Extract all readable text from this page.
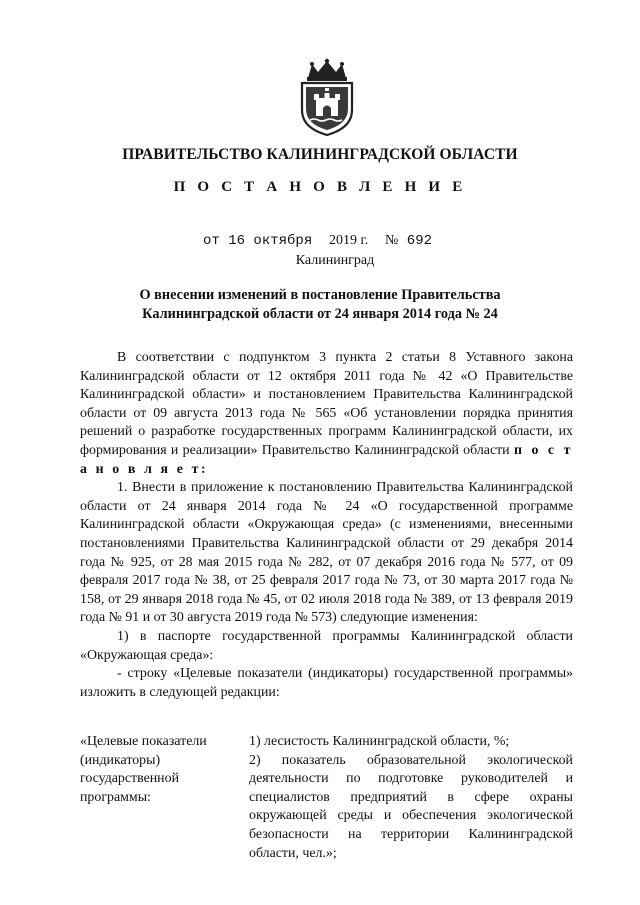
ПРАВИТЕЛЬСТВО КАЛИНИНГРАДСКОЙ ОБЛАСТИ
П О С Т А Н О В Л Е Н И Е
от 16 октября 2019 г. № 692
Калининград
О внесении изменений в постановление Правительства
Калининградской области от 24 января 2014 года № 24

В соответствии с подпунктом 3 пункта 2 статьи 8 Уставного закона Калининградской области от 12 октября 2011 года № 42 «О Правительстве Калининградской области» и постановлением Правительства Калининградской области от 09 августа 2013 года № 565 «Об установлении порядка принятия решений о разработке государственных программ Калининградской области, их формирования и реализации» Правительство Калининградской области п о с т а н о в л я е т:

1. Внести в приложение к постановлению Правительства Калининградской области от 24 января 2014 года № 24 «О государственной программе Калининградской области «Окружающая среда» (с изменениями, внесенными постановлениями Правительства Калининградской области от 29 декабря 2014 года № 925, от 28 мая 2015 года № 282, от 07 декабря 2016 года № 577, от 09 февраля 2017 года № 38, от 25 февраля 2017 года № 73, от 30 марта 2017 года № 158, от 29 января 2018 года № 45, от 02 июля 2018 года № 389, от 13 февраля 2019 года № 91 и от 30 августа 2019 года № 573) следующие изменения:

1) в паспорте государственной программы Калининградской области «Окружающая среда»:

- строку «Целевые показатели (индикаторы) государственной программы» изложить в следующей редакции:

«Целевые показатели (индикаторы) государственной программы:
1) лесистость Калининградской области, %;
2) показатель образовательной экологической деятельности по подготовке руководителей и специалистов предприятий в сфере охраны окружающей среды и обеспечения экологической безопасности на территории Калининградской области, чел.»;
